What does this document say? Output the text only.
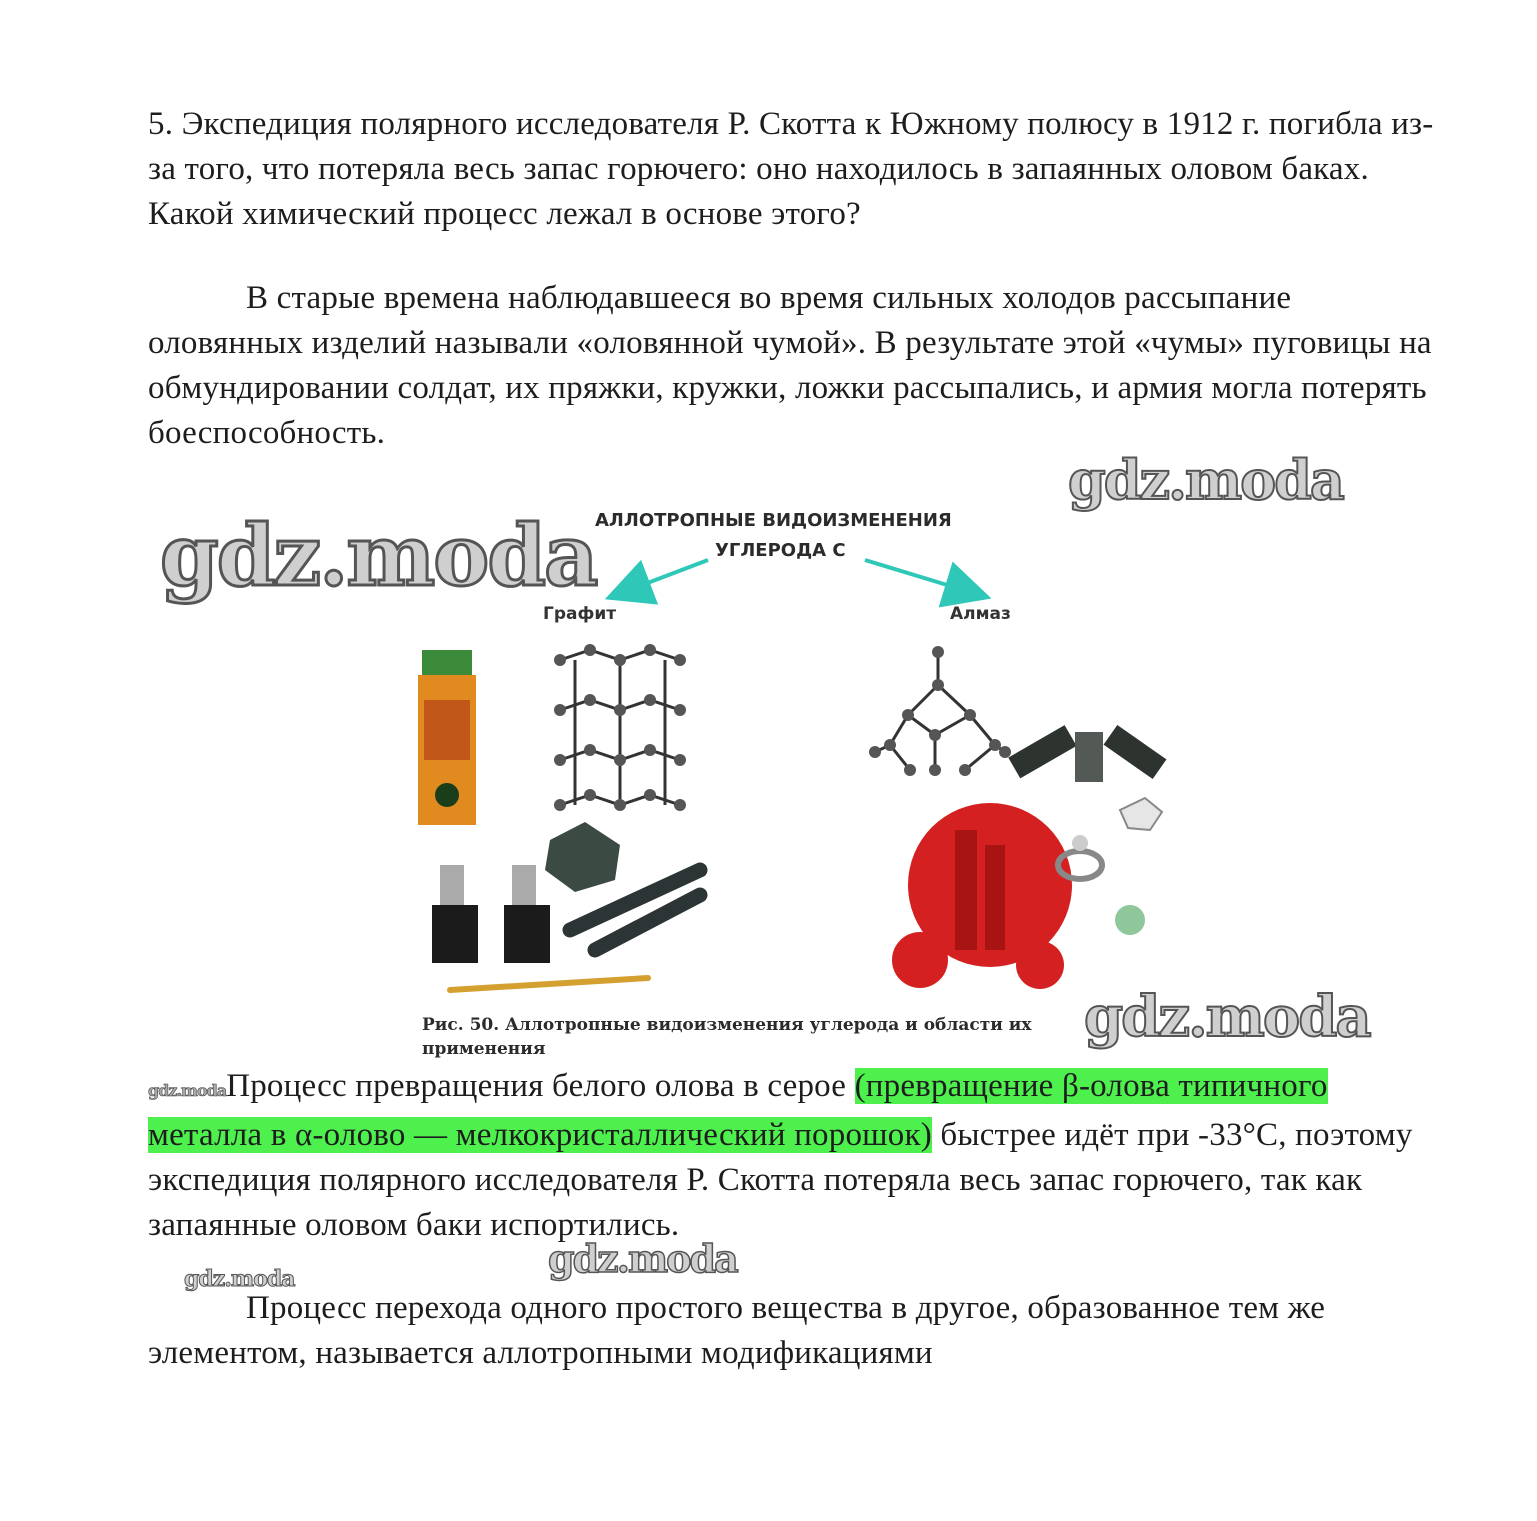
5. Экспедиция полярного исследователя Р. Скотта к Южному полюсу в 1912 г. погибла из-за того, что потеряла весь запас горючего: оно находилось в запаянных оловом баках. Какой химический процесс лежал в основе этого?

В старые времена наблюдавшееся во время сильных холодов рассыпание оловянных изделий называли «оловянной чумой». В результате этой «чумы» пуговицы на обмундировании солдат, их пряжки, кружки, ложки рассыпались, и армия могла потерять боеспособность.

АЛЛОТРОПНЫЕ ВИДОИЗМЕНЕНИЯ
УГЛЕРОДА С
Графит	Алмаз
Рис. 50. Аллотропные видоизменения углерода и области их применения

gdz.modaПроцесс превращения белого олова в серое (превращение β-олова типичного металла в α-олово — мелкокристаллический порошок) быстрее идёт при -33°С, поэтому экспедиция полярного исследователя Р. Скотта потеряла весь запас горючего, так как запаянные оловом баки испортились.

Процесс перехода одного простого вещества в другое, образованное тем же элементом, называется аллотропными модификациями

gdz.moda
gdz.moda
gdz.moda
gdz.moda
gdz.moda
